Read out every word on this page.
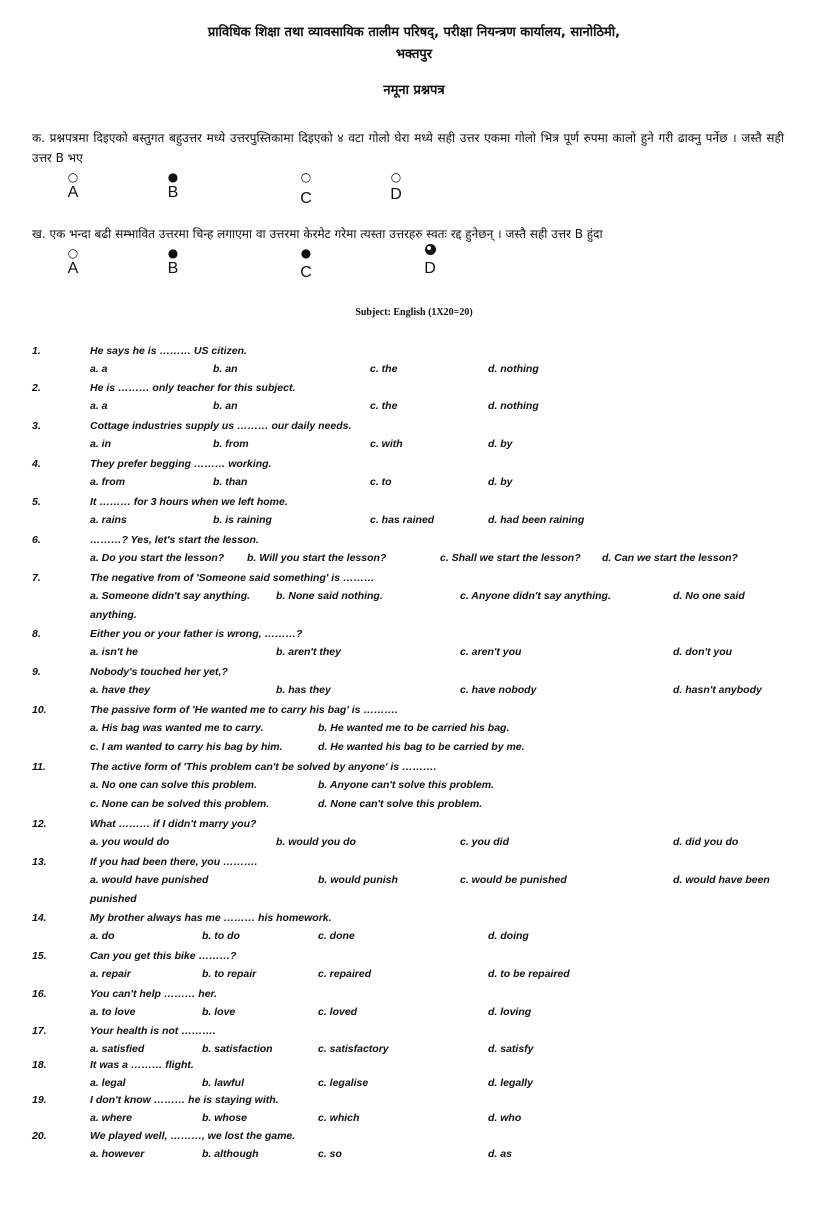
प्राविधिक शिक्षा तथा व्यावसायिक तालीम परिषद्, परीक्षा नियन्त्रण कार्यालय, सानोठिमी,
भक्तपुर
नमूना प्रश्नपत्र
क. प्रश्नपत्रमा दिइएको बस्तुगत बहुउत्तर मध्ये उत्तरपुस्तिकामा दिइएको ४ वटा गोलो घेरा मध्ये सही उत्तर एकमा गोलो भित्र पूर्ण रुपमा कालो हुने गरी ढाक्नु पर्नेछ । जस्तै सही उत्तर B भए
○
A
●
B
○
C
○
D
ख. एक भन्दा बढी सम्भावित उत्तरमा चिन्ह लगाएमा वा उत्तरमा केरमेट गरेमा त्यस्ता उत्तरहरु स्वतः रद्द हुनेछन् । जस्तै सही उत्तर B हुंदा
○
A
●
B
●
C	D
Subject: English (1X20=20)
1.	He says he is ……… US citizen.
a. a	b. an	c. the	d. nothing
2.	He is ……… only teacher for this subject.
a. a	b. an	c. the	d. nothing
3.	Cottage industries supply us ……… our daily needs.
a. in	b. from	c. with	d. by
4.	They prefer begging ……… working.
a. from	b. than	c. to	d. by
5.	It ……… for 3 hours when we left home.
a. rains	b. is raining	c. has rained	d. had been raining
6.	………? Yes, let's start the lesson.
a. Do you start the lesson? b. Will you start the lesson?	c. Shall we start the lesson? d. Can we start the lesson?
7.	The negative from of 'Someone said something' is ………
a. Someone didn't say anything. b. None said nothing.	c. Anyone didn't say anything.	d. No one said
anything.
8.	Either you or your father is wrong, ………?
a. isn't he	b. aren't they	c. aren't you	d. don't you
9.	Nobody's touched her yet,?
a. have they	b. has they	c. have nobody	d. hasn't anybody
10.	The passive form of 'He wanted me to carry his bag' is ……….
a. His bag was wanted me to carry.	b. He wanted me to be carried his bag.
c. I am wanted to carry his bag by him.	d. He wanted his bag to be carried by me.
11.	The active form of 'This problem can't be solved by anyone' is ……….
a. No one can solve this problem.	b. Anyone can't solve this problem.
c. None can be solved this problem.	d. None can't solve this problem.
12.	What ……… if I didn't marry you?
a. you would do	b. would you do	c. you did	d. did you do
13.	If you had been there, you ……….
a. would have punished	b. would punish	c. would be punished	d. would have been
punished
14.	My brother always has me ……… his homework.
a. do	b. to do	c. done	d. doing
15.	Can you get this bike ………?
a. repair	b. to repair	c. repaired	d. to be repaired
16.	You can't help ……… her.
a. to love	b. love	c. loved	d. loving
17.	Your health is not ……….
a. satisfied	b. satisfaction	c. satisfactory	d. satisfy
18.	It was a ……… flight.
a. legal	b. lawful	c. legalise	d. legally
19.	I don't know ……… he is staying with.
a. where	b. whose	c. which	d. who
20.	We played well, ………, we lost the game.
a. however	b. although	c. so	d. as
